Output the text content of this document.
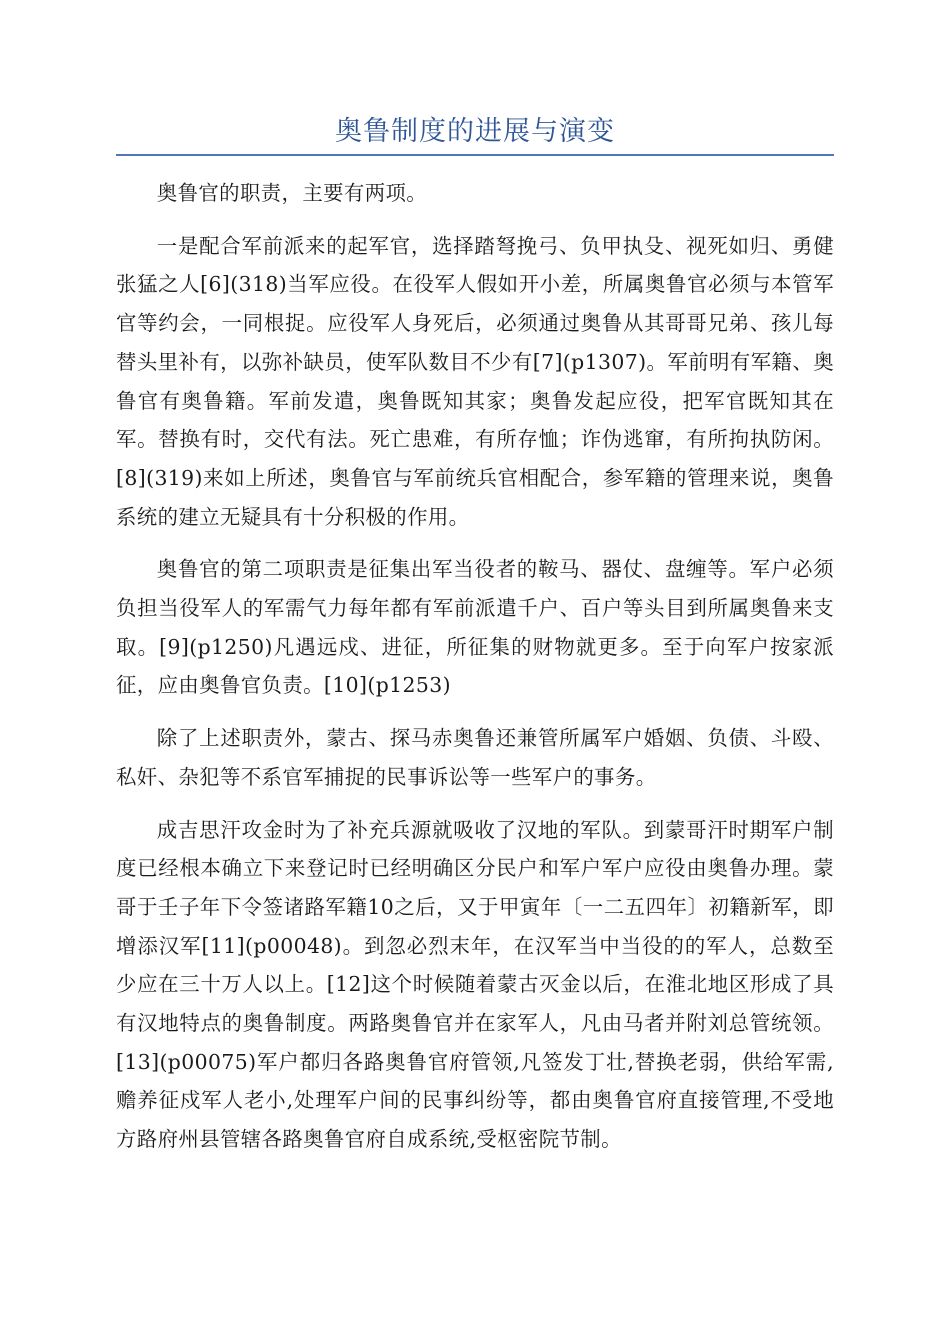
奥鲁制度的进展与演变

奥鲁官的职责，主要有两项。

一是配合军前派来的起军官，选择踏弩挽弓、负甲执殳、视死如归、勇健张猛之人[6](318)当军应役。在役军人假如开小差，所属奥鲁官必须与本管军官等约会，一同根捉。应役军人身死后，必须通过奥鲁从其哥哥兄弟、孩儿每替头里补有，以弥补缺员，使军队数目不少有[7](p1307)。军前明有军籍、奥鲁官有奥鲁籍。军前发遣，奥鲁既知其家；奥鲁发起应役，把军官既知其在军。替换有时，交代有法。死亡患难，有所存恤；诈伪逃窜，有所拘执防闲。[8](319)来如上所述，奥鲁官与军前统兵官相配合，参军籍的管理来说，奥鲁系统的建立无疑具有十分积极的作用。

奥鲁官的第二项职责是征集出军当役者的鞍马、器仗、盘缠等。军户必须负担当役军人的军需气力每年都有军前派遣千户、百户等头目到所属奥鲁来支取。[9](p1250)凡遇远戍、进征，所征集的财物就更多。至于向军户按家派征，应由奥鲁官负责。[10](p1253)

除了上述职责外，蒙古、探马赤奥鲁还兼管所属军户婚姻、负债、斗殴、私奸、杂犯等不系官军捕捉的民事诉讼等一些军户的事务。

成吉思汗攻金时为了补充兵源就吸收了汉地的军队。到蒙哥汗时期军户制度已经根本确立下来登记时已经明确区分民户和军户军户应役由奥鲁办理。蒙哥于壬子年下令签诸路军籍10之后，又于甲寅年〔一二五四年〕初籍新军，即增添汉军[11](p00048)。到忽必烈末年，在汉军当中当役的的军人，总数至少应在三十万人以上。[12]这个时候随着蒙古灭金以后，在淮北地区形成了具有汉地特点的奥鲁制度。两路奥鲁官并在家军人，凡由马者并附刘总管统领。[13](p00075)军户都归各路奥鲁官府管领,凡签发丁壮,替换老弱，供给军需,赡养征戍军人老小,处理军户间的民事纠纷等，都由奥鲁官府直接管理,不受地方路府州县管辖各路奥鲁官府自成系统,受枢密院节制。
